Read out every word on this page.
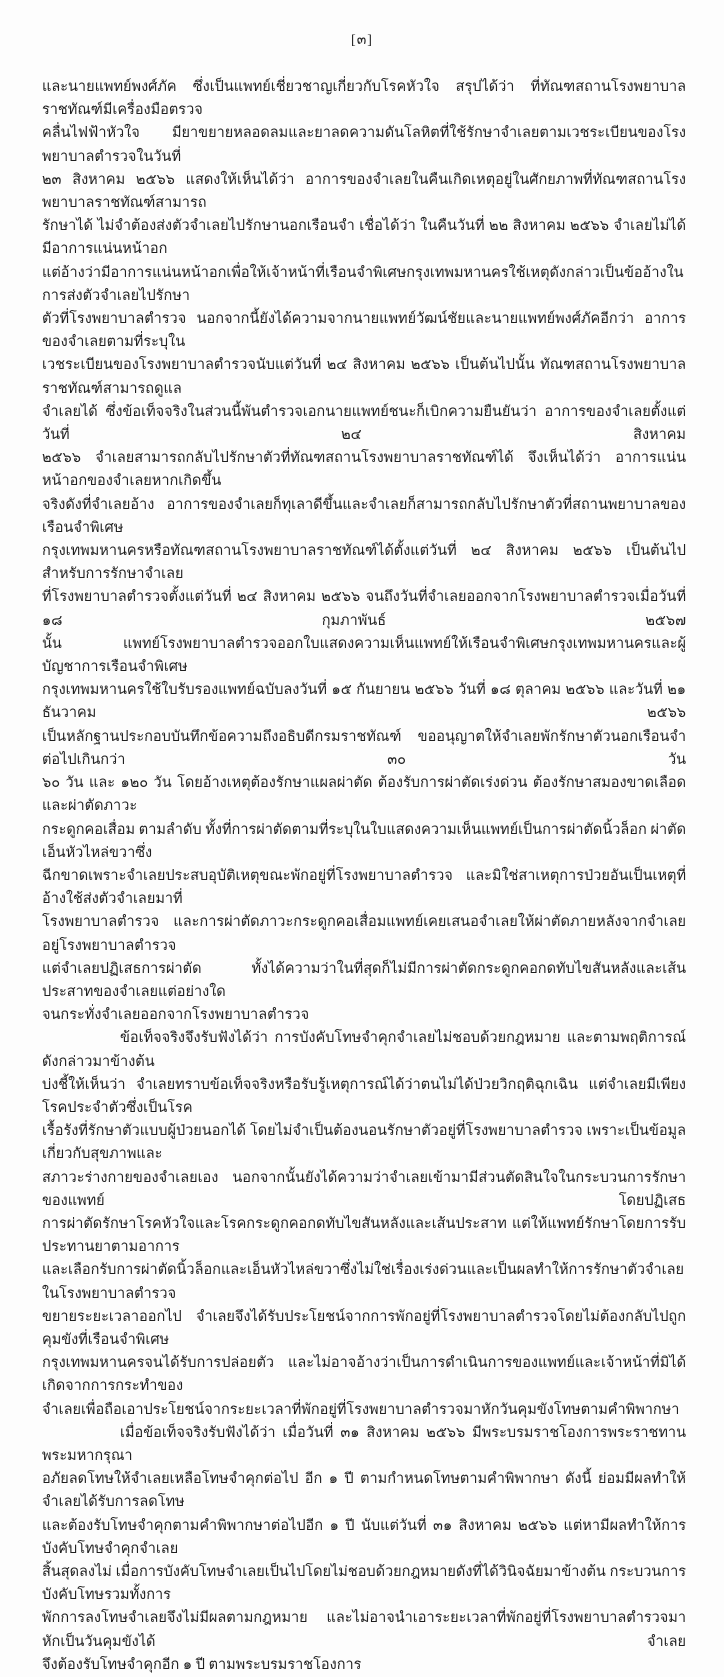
[๓]
และนายแพทย์พงศ์ภัค ซึ่งเป็นแพทย์เชี่ยวชาญเกี่ยวกับโรคหัวใจ สรุปได้ว่า ที่ทัณฑสถานโรงพยาบาลราชทัณฑ์มีเครื่องมือตรวจ
คลื่นไฟฟ้าหัวใจ มียาขยายหลอดลมและยาลดความดันโลหิตที่ใช้รักษาจำเลยตามเวชระเบียนของโรงพยาบาลตำรวจในวันที่
๒๓ สิงหาคม ๒๕๖๖ แสดงให้เห็นได้ว่า อาการของจำเลยในคืนเกิดเหตุอยู่ในศักยภาพที่ทัณฑสถานโรงพยาบาลราชทัณฑ์สามารถ
รักษาได้ ไม่จำต้องส่งตัวจำเลยไปรักษานอกเรือนจำ เชื่อได้ว่า ในคืนวันที่ ๒๒ สิงหาคม ๒๕๖๖ จำเลยไม่ได้มีอาการแน่นหน้าอก
แต่อ้างว่ามีอาการแน่นหน้าอกเพื่อให้เจ้าหน้าที่เรือนจำพิเศษกรุงเทพมหานครใช้เหตุดังกล่าวเป็นข้ออ้างในการส่งตัวจำเลยไปรักษา
ตัวที่โรงพยาบาลตำรวจ นอกจากนี้ยังได้ความจากนายแพทย์วัฒน์ชัยและนายแพทย์พงศ์ภัคอีกว่า อาการของจำเลยตามที่ระบุใน
เวชระเบียนของโรงพยาบาลตำรวจนับแต่วันที่ ๒๔ สิงหาคม ๒๕๖๖ เป็นต้นไปนั้น ทัณฑสถานโรงพยาบาลราชทัณฑ์สามารถดูแล
จำเลยได้ ซึ่งข้อเท็จจริงในส่วนนี้พันตำรวจเอกนายแพทย์ชนะก็เบิกความยืนยันว่า อาการของจำเลยตั้งแต่วันที่ ๒๔ สิงหาคม
๒๕๖๖ จำเลยสามารถกลับไปรักษาตัวที่ทัณฑสถานโรงพยาบาลราชทัณฑ์ได้ จึงเห็นได้ว่า อาการแน่นหน้าอกของจำเลยหากเกิดขึ้น
จริงดังที่จำเลยอ้าง อาการของจำเลยก็ทุเลาดีขึ้นและจำเลยก็สามารถกลับไปรักษาตัวที่สถานพยาบาลของเรือนจำพิเศษ
กรุงเทพมหานครหรือทัณฑสถานโรงพยาบาลราชทัณฑ์ได้ตั้งแต่วันที่ ๒๔ สิงหาคม ๒๕๖๖ เป็นต้นไป สำหรับการรักษาจำเลย
ที่โรงพยาบาลตำรวจตั้งแต่วันที่ ๒๔ สิงหาคม ๒๕๖๖ จนถึงวันที่จำเลยออกจากโรงพยาบาลตำรวจเมื่อวันที่ ๑๘ กุมภาพันธ์ ๒๕๖๗
นั้น แพทย์โรงพยาบาลตำรวจออกใบแสดงความเห็นแพทย์ให้เรือนจำพิเศษกรุงเทพมหานครและผู้บัญชาการเรือนจำพิเศษ
กรุงเทพมหานครใช้ใบรับรองแพทย์ฉบับลงวันที่ ๑๕ กันยายน ๒๕๖๖ วันที่ ๑๘ ตุลาคม ๒๕๖๖ และวันที่ ๒๑ ธันวาคม ๒๕๖๖
เป็นหลักฐานประกอบบันทึกข้อความถึงอธิบดีกรมราชทัณฑ์ ขออนุญาตให้จำเลยพักรักษาตัวนอกเรือนจำต่อไปเกินกว่า ๓๐ วัน
๖๐ วัน และ ๑๒๐ วัน โดยอ้างเหตุต้องรักษาแผลผ่าตัด ต้องรับการผ่าตัดเร่งด่วน ต้องรักษาสมองขาดเลือดและผ่าตัดภาวะ
กระดูกคอเสื่อม ตามลำดับ ทั้งที่การผ่าตัดตามที่ระบุในใบแสดงความเห็นแพทย์เป็นการผ่าตัดนิ้วล็อก ผ่าตัดเอ็นหัวไหล่ขวาซึ่ง
ฉีกขาดเพราะจำเลยประสบอุบัติเหตุขณะพักอยู่ที่โรงพยาบาลตำรวจ และมิใช่สาเหตุการป่วยอันเป็นเหตุที่อ้างใช้ส่งตัวจำเลยมาที่
โรงพยาบาลตำรวจ และการผ่าตัดภาวะกระดูกคอเสื่อมแพทย์เคยเสนอจำเลยให้ผ่าตัดภายหลังจากจำเลยอยู่โรงพยาบาลตำรวจ
แต่จำเลยปฏิเสธการผ่าตัด ทั้งได้ความว่าในที่สุดก็ไม่มีการผ่าตัดกระดูกคอกดทับไขสันหลังและเส้นประสาทของจำเลยแต่อย่างใด
จนกระทั่งจำเลยออกจากโรงพยาบาลตำรวจ
ข้อเท็จจริงจึงรับฟังได้ว่า การบังคับโทษจำคุกจำเลยไม่ชอบด้วยกฎหมาย และตามพฤติการณ์ดังกล่าวมาข้างต้น
บ่งชี้ให้เห็นว่า จำเลยทราบข้อเท็จจริงหรือรับรู้เหตุการณ์ได้ว่าตนไม่ได้ป่วยวิกฤติฉุกเฉิน แต่จำเลยมีเพียงโรคประจำตัวซึ่งเป็นโรค
เรื้อรังที่รักษาตัวแบบผู้ป่วยนอกได้ โดยไม่จำเป็นต้องนอนรักษาตัวอยู่ที่โรงพยาบาลตำรวจ เพราะเป็นข้อมูลเกี่ยวกับสุขภาพและ
สภาวะร่างกายของจำเลยเอง นอกจากนั้นยังได้ความว่าจำเลยเข้ามามีส่วนตัดสินใจในกระบวนการรักษาของแพทย์ โดยปฏิเสธ
การผ่าตัดรักษาโรคหัวใจและโรคกระดูกคอกดทับไขสันหลังและเส้นประสาท แต่ให้แพทย์รักษาโดยการรับประทานยาตามอาการ
และเลือกรับการผ่าตัดนิ้วล็อกและเอ็นหัวไหล่ขวาซึ่งไม่ใช่เรื่องเร่งด่วนและเป็นผลทำให้การรักษาตัวจำเลยในโรงพยาบาลตำรวจ
ขยายระยะเวลาออกไป จำเลยจึงได้รับประโยชน์จากการพักอยู่ที่โรงพยาบาลตำรวจโดยไม่ต้องกลับไปถูกคุมขังที่เรือนจำพิเศษ
กรุงเทพมหานครจนได้รับการปล่อยตัว และไม่อาจอ้างว่าเป็นการดำเนินการของแพทย์และเจ้าหน้าที่มิได้เกิดจากการกระทำของ
จำเลยเพื่อถือเอาประโยชน์จากระยะเวลาที่พักอยู่ที่โรงพยาบาลตำรวจมาหักวันคุมขังโทษตามคำพิพากษา
เมื่อข้อเท็จจริงรับฟังได้ว่า เมื่อวันที่ ๓๑ สิงหาคม ๒๕๖๖ มีพระบรมราชโองการพระราชทานพระมหากรุณา
อภัยลดโทษให้จำเลยเหลือโทษจำคุกต่อไป อีก ๑ ปี ตามกำหนดโทษตามคำพิพากษา ดังนี้ ย่อมมีผลทำให้จำเลยได้รับการลดโทษ
และต้องรับโทษจำคุกตามคำพิพากษาต่อไปอีก ๑ ปี นับแต่วันที่ ๓๑ สิงหาคม ๒๕๖๖ แต่หามีผลทำให้การบังคับโทษจำคุกจำเลย
สิ้นสุดลงไม่ เมื่อการบังคับโทษจำเลยเป็นไปโดยไม่ชอบด้วยกฎหมายดังที่ได้วินิจฉัยมาข้างต้น กระบวนการบังคับโทษรวมทั้งการ
พักการลงโทษจำเลยจึงไม่มีผลตามกฎหมาย และไม่อาจนำเอาระยะเวลาที่พักอยู่ที่โรงพยาบาลตำรวจมาหักเป็นวันคุมขังได้ จำเลย
จึงต้องรับโทษจำคุกอีก ๑ ปี ตามพระบรมราชโองการ
